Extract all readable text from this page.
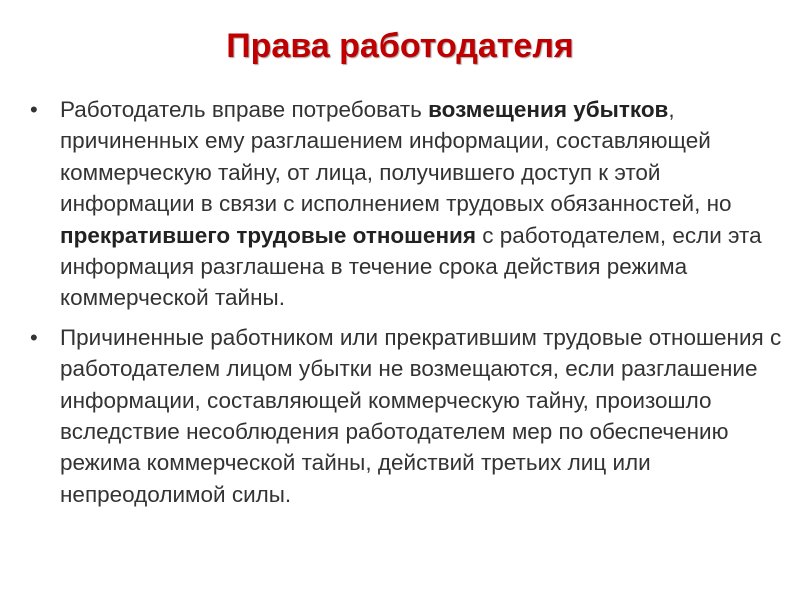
Права работодателя
• Работодатель вправе потребовать возмещения убытков, причиненных ему разглашением информации, составляющей коммерческую тайну, от лица, получившего доступ к этой информации в связи с исполнением трудовых обязанностей, но прекратившего трудовые отношения с работодателем, если эта информация разглашена в течение срока действия режима коммерческой тайны.
• Причиненные работником или прекратившим трудовые отношения с работодателем лицом убытки не возмещаются, если разглашение информации, составляющей коммерческую тайну, произошло вследствие несоблюдения работодателем мер по обеспечению режима коммерческой тайны, действий третьих лиц или непреодолимой силы.
